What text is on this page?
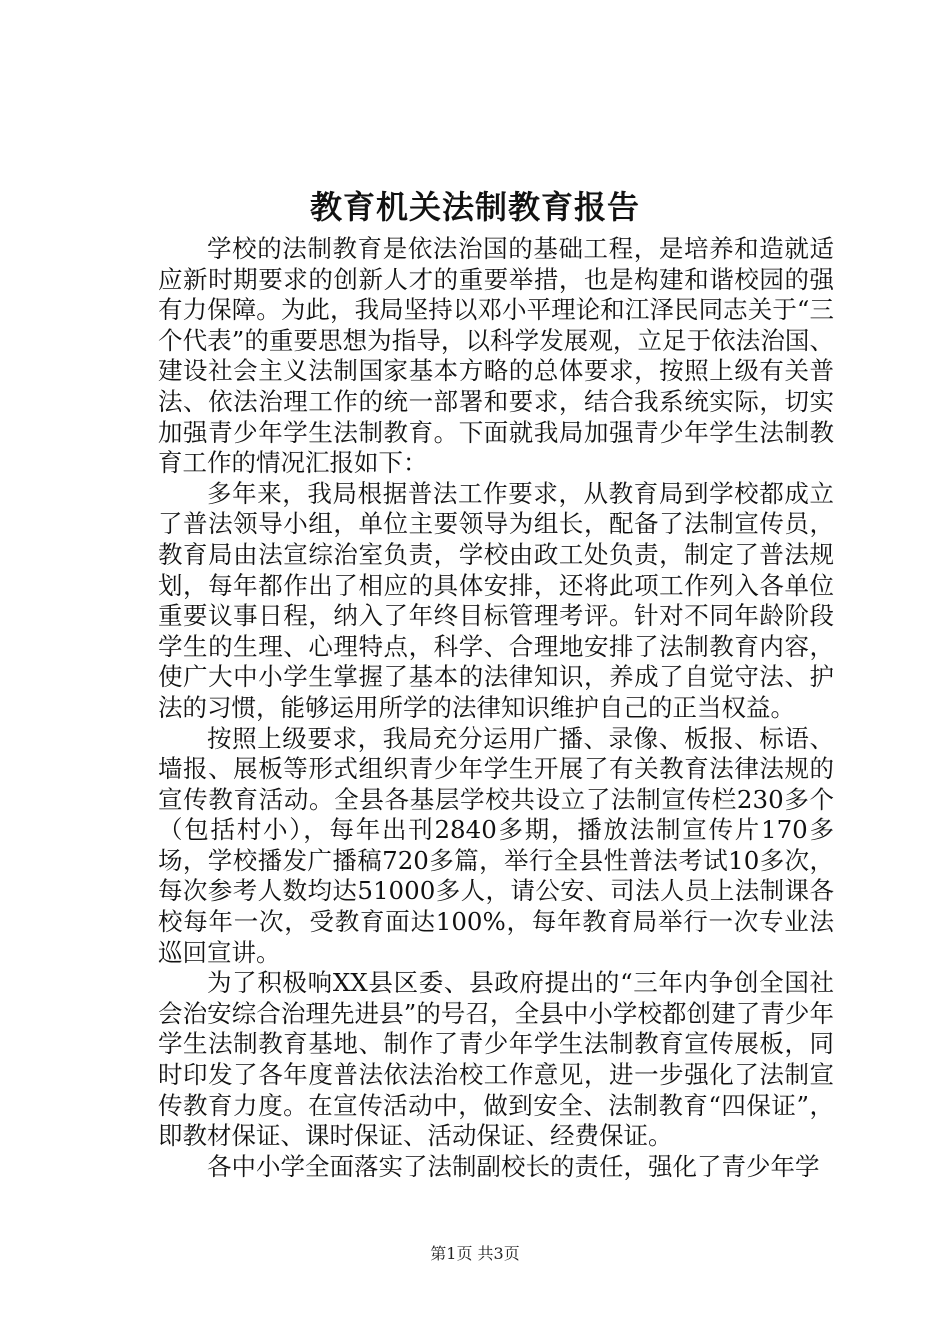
教育机关法制教育报告

学校的法制教育是依法治国的基础工程，是培养和造就适应新时期要求的创新人才的重要举措，也是构建和谐校园的强有力保障。为此，我局坚持以邓小平理论和江泽民同志关于“三个代表”的重要思想为指导，以科学发展观，立足于依法治国、建设社会主义法制国家基本方略的总体要求，按照上级有关普法、依法治理工作的统一部署和要求，结合我系统实际，切实加强青少年学生法制教育。下面就我局加强青少年学生法制教育工作的情况汇报如下：

多年来，我局根据普法工作要求，从教育局到学校都成立了普法领导小组，单位主要领导为组长，配备了法制宣传员，教育局由法宣综治室负责，学校由政工处负责，制定了普法规划，每年都作出了相应的具体安排，还将此项工作列入各单位重要议事日程，纳入了年终目标管理考评。针对不同年龄阶段学生的生理、心理特点，科学、合理地安排了法制教育内容，使广大中小学生掌握了基本的法律知识，养成了自觉守法、护法的习惯，能够运用所学的法律知识维护自己的正当权益。

按照上级要求，我局充分运用广播、录像、板报、标语、墙报、展板等形式组织青少年学生开展了有关教育法律法规的宣传教育活动。全县各基层学校共设立了法制宣传栏230多个（包括村小），每年出刊2840多期，播放法制宣传片170多场，学校播发广播稿720多篇，举行全县性普法考试10多次，每次参考人数均达51000多人，请公安、司法人员上法制课各校每年一次，受教育面达100%，每年教育局举行一次专业法巡回宣讲。

为了积极响XX县区委、县政府提出的“三年内争创全国社会治安综合治理先进县”的号召，全县中小学校都创建了青少年学生法制教育基地、制作了青少年学生法制教育宣传展板，同时印发了各年度普法依法治校工作意见，进一步强化了法制宣传教育力度。在宣传活动中，做到安全、法制教育“四保证”，即教材保证、课时保证、活动保证、经费保证。

各中小学全面落实了法制副校长的责任，强化了青少年学

第1页 共3页
